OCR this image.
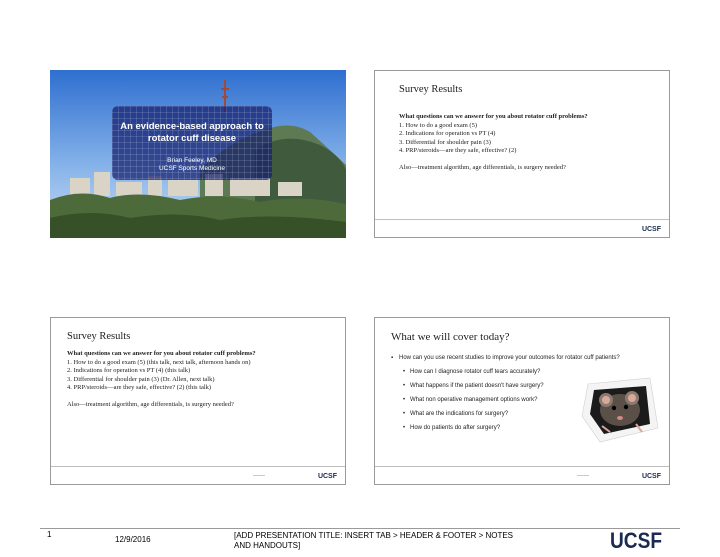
An evidence-based approach to rotator cuff disease
Brian Feeley, MD
UCSF Sports Medicine
Survey Results

What questions can we answer for you about rotator cuff problems?

1. How to do a good exam (5)

2. Indications for operation vs PT (4)

3. Differential for shoulder pain (3)

4. PRP/steroids—are they safe, effective? (2)

Also—treatment algorithm, age differentials, is surgery needed?

UCSF
Survey Results

What questions can we answer for you about rotator cuff problems?

1. How to do a good exam (5) (this talk, next talk, afternoon hands on)

2. Indications for operation vs PT (4) (this talk)

3. Differential for shoulder pain (3) (Dr. Allen, next talk)

4. PRP/steroids—are they safe, effective? (2) (this talk)

Also—treatment algorithm, age differentials, is surgery needed?

UCSF
What we will cover today?
▪ How can you use recent studies to improve your outcomes for rotator cuff patients?
• How can I diagnose rotator cuff tears accurately?
• What happens if the patient doesn't have surgery?
• What non operative management options work?
• What are the indications for surgery?
• How do patients do after surgery?
UCSF
1
12/9/2016	[ADD PRESENTATION TITLE: INSERT TAB > HEADER & FOOTER > NOTES AND HANDOUTS]	UCSF
